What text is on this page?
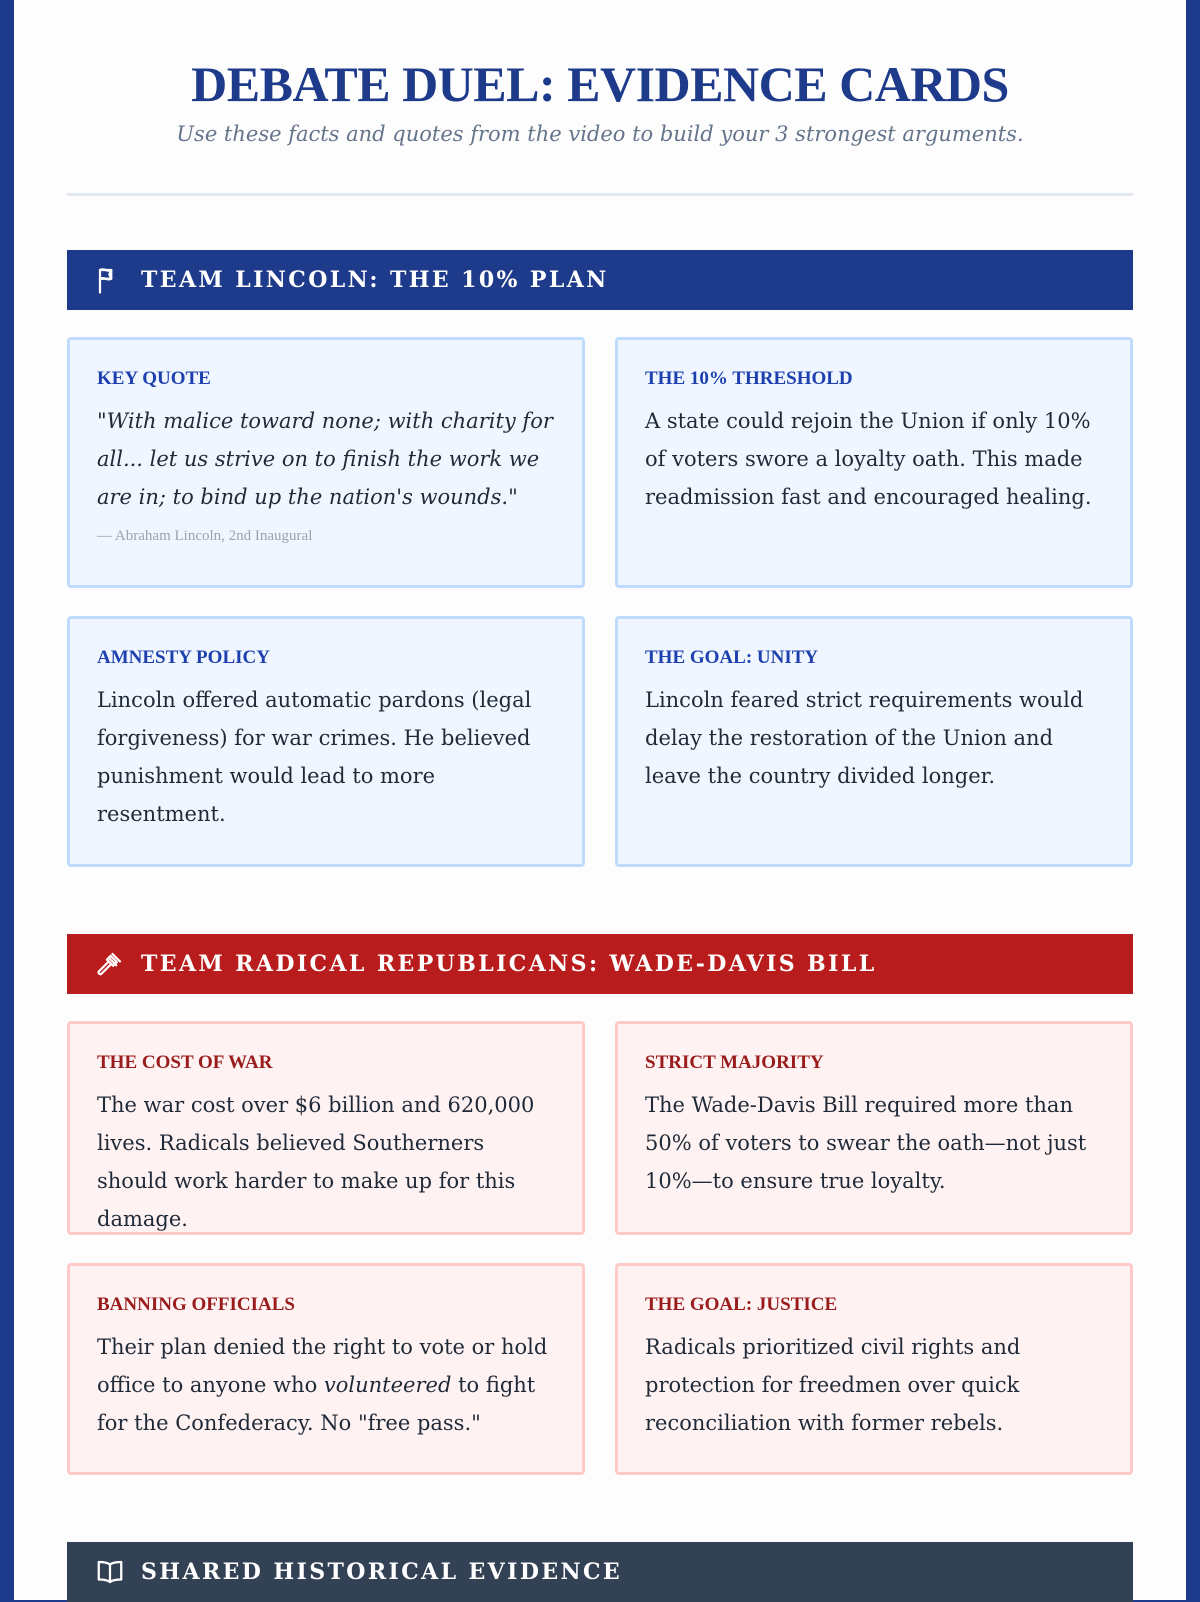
DEBATE DUEL: EVIDENCE CARDS
Use these facts and quotes from the video to build your 3 strongest arguments.
TEAM LINCOLN: THE 10% PLAN
KEY QUOTE
"With malice toward none; with charity for all... let us strive on to finish the work we are in; to bind up the nation's wounds."
— Abraham Lincoln, 2nd Inaugural
THE 10% THRESHOLD
A state could rejoin the Union if only 10% of voters swore a loyalty oath. This made readmission fast and encouraged healing.
AMNESTY POLICY
Lincoln offered automatic pardons (legal forgiveness) for war crimes. He believed punishment would lead to more resentment.
THE GOAL: UNITY
Lincoln feared strict requirements would delay the restoration of the Union and leave the country divided longer.
TEAM RADICAL REPUBLICANS: WADE-DAVIS BILL
THE COST OF WAR
The war cost over $6 billion and 620,000 lives. Radicals believed Southerners should work harder to make up for this damage.
STRICT MAJORITY
The Wade-Davis Bill required more than 50% of voters to swear the oath—not just 10%—to ensure true loyalty.
BANNING OFFICIALS
Their plan denied the right to vote or hold office to anyone who volunteered to fight for the Confederacy. No "free pass."
THE GOAL: JUSTICE
Radicals prioritized civil rights and protection for freedmen over quick reconciliation with former rebels.
SHARED HISTORICAL EVIDENCE
